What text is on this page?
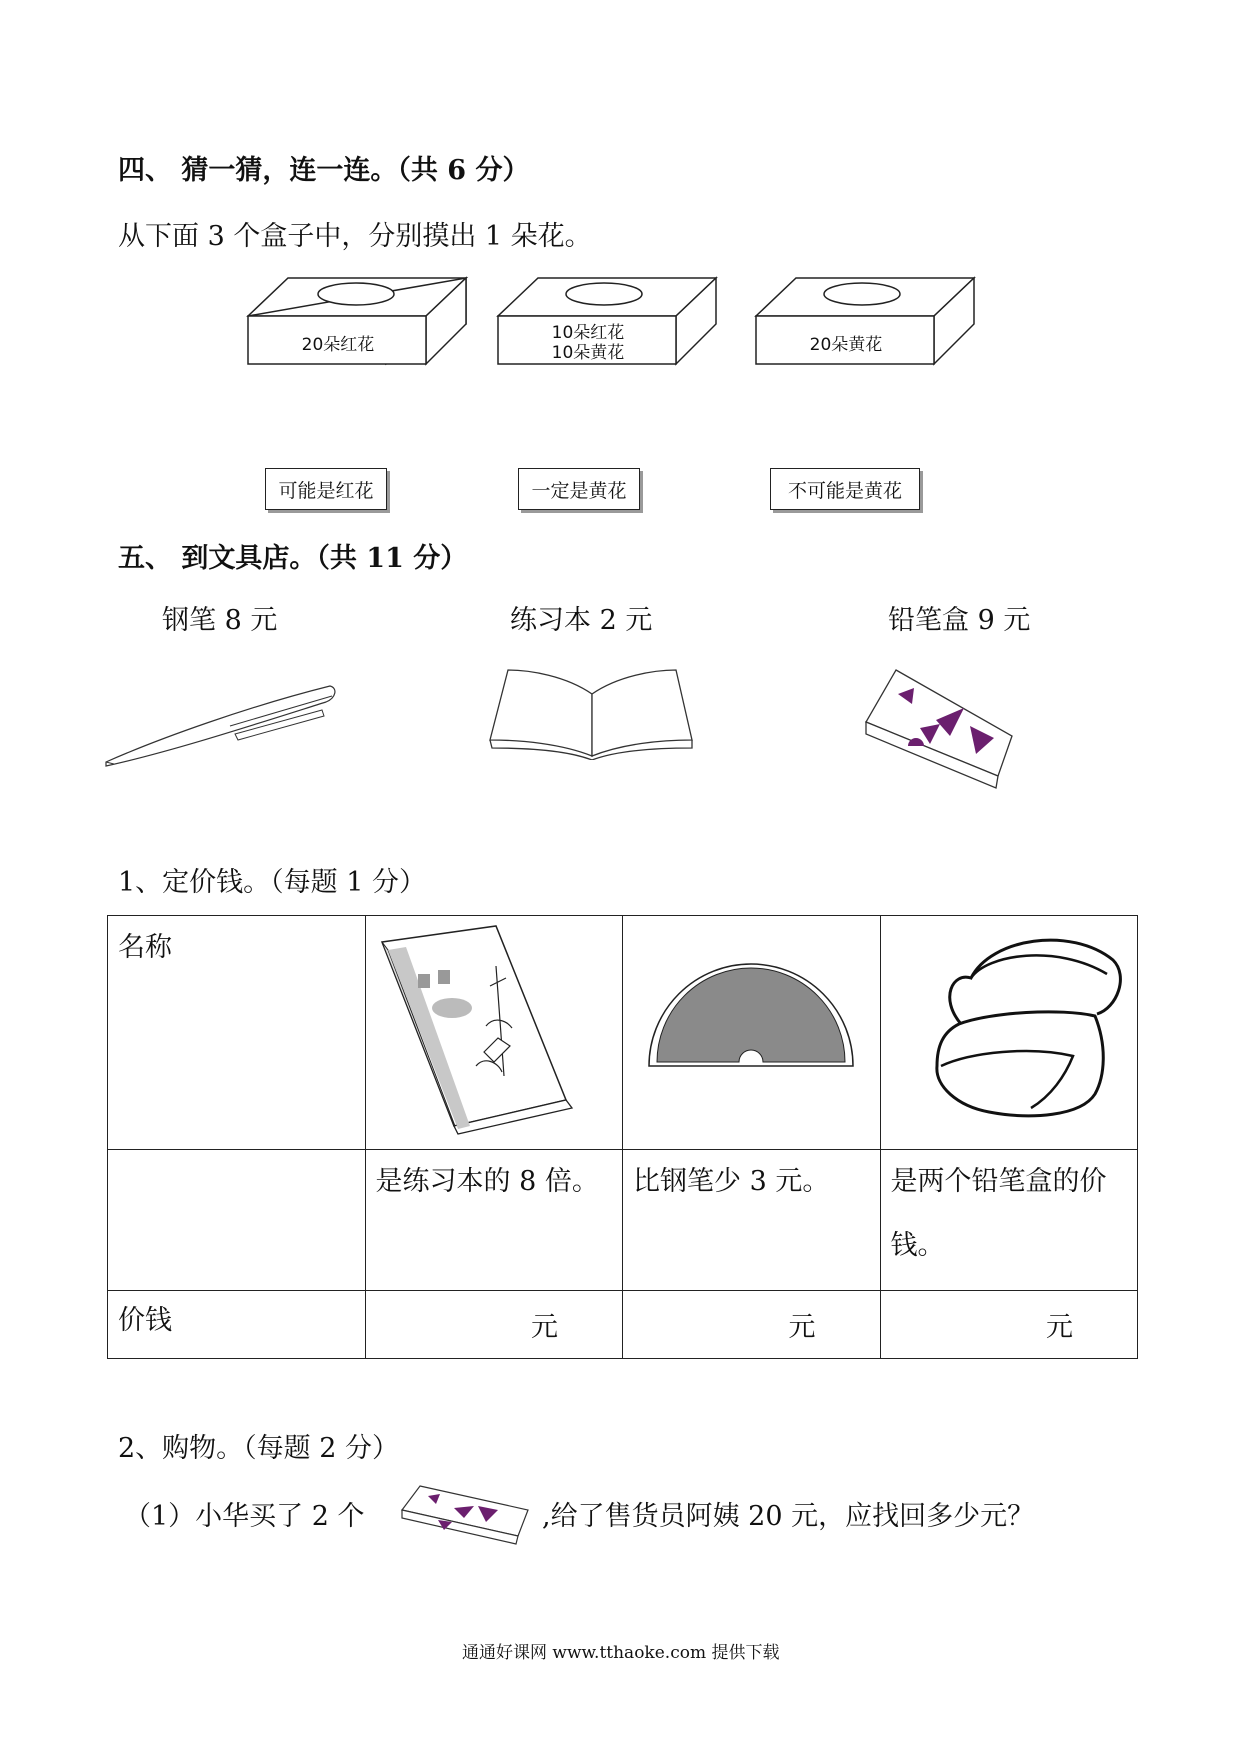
四、 猜一猜，连一连。（共 6 分）
从下面 3 个盒子中，分别摸出 1 朵花。
20朵红花
10朵红花
10朵黄花	20朵黄花
可能是红花	一定是黄花	不可能是黄花
五、 到文具店。（共 11 分）
钢笔 8 元	练习本 2 元	铅笔盒 9 元
1、定价钱。（每题 1 分）
名称

	是练习本的 8 倍。	比钢笔少 3 元。	是两个铅笔盒的价钱。

价钱	元	元	元
2、购物。（每题 2 分）
（1）小华买了 2 个	,给了售货员阿姨 20 元，应找回多少元？
通通好课网 www.tthaoke.com 提供下载
